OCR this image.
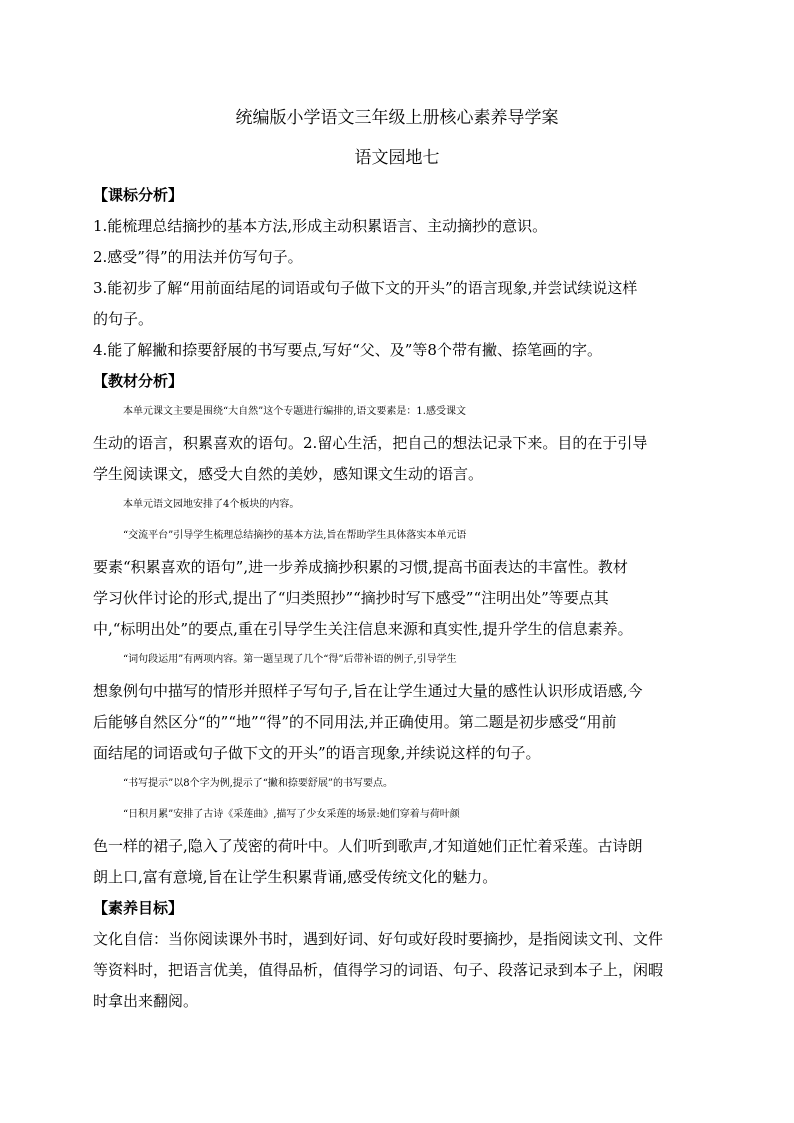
统编版小学语文三年级上册核心素养导学案
语文园地七
【课标分析】
1.能梳理总结摘抄的基本方法,形成主动积累语言、主动摘抄的意识。
2.感受”得”的用法并仿写句子。
3.能初步了解“用前面结尾的词语或句子做下文的开头”的语言现象,并尝试续说这样
的句子。
4.能了解撇和捺要舒展的书写要点,写好“父、及”等8个带有撇、捺笔画的字。
【教材分析】
本单元课文主要是围绕“大自然”这个专题进行编排的,语文要素是：1.感受课文
生动的语言，积累喜欢的语句。2.留心生活，把自己的想法记录下来。目的在于引导
学生阅读课文，感受大自然的美妙，感知课文生动的语言。
本单元语文园地安排了4个板块的内容。
“交流平台”引导学生梳理总结摘抄的基本方法,旨在帮助学生具体落实本单元语
要素“积累喜欢的语句”,进一步养成摘抄积累的习惯,提高书面表达的丰富性。教材
学习伙伴讨论的形式,提出了“归类照抄”“摘抄时写下感受”“注明出处”等要点其
中,“标明出处”的要点,重在引导学生关注信息来源和真实性,提升学生的信息素养。
“词句段运用”有两项内容。第一题呈现了几个“得”后带补语的例子,引导学生
想象例句中描写的情形并照样子写句子,旨在让学生通过大量的感性认识形成语感,今
后能够自然区分“的”“地”“得”的不同用法,并正确使用。第二题是初步感受“用前
面结尾的词语或句子做下文的开头”的语言现象,并续说这样的句子。
“书写提示”以8个字为例,提示了“撇和捺要舒展”的书写要点。
“日积月累”安排了古诗《采莲曲》,描写了少女采莲的场景:她们穿着与荷叶颜
色一样的裙子,隐入了茂密的荷叶中。人们听到歌声,才知道她们正忙着采莲。古诗朗
朗上口,富有意境,旨在让学生积累背诵,感受传统文化的魅力。
【素养目标】
文化自信：当你阅读课外书时，遇到好词、好句或好段时要摘抄，是指阅读文刊、文件
等资料时，把语言优美，值得品析，值得学习的词语、句子、段落记录到本子上，闲暇
时拿出来翻阅。
